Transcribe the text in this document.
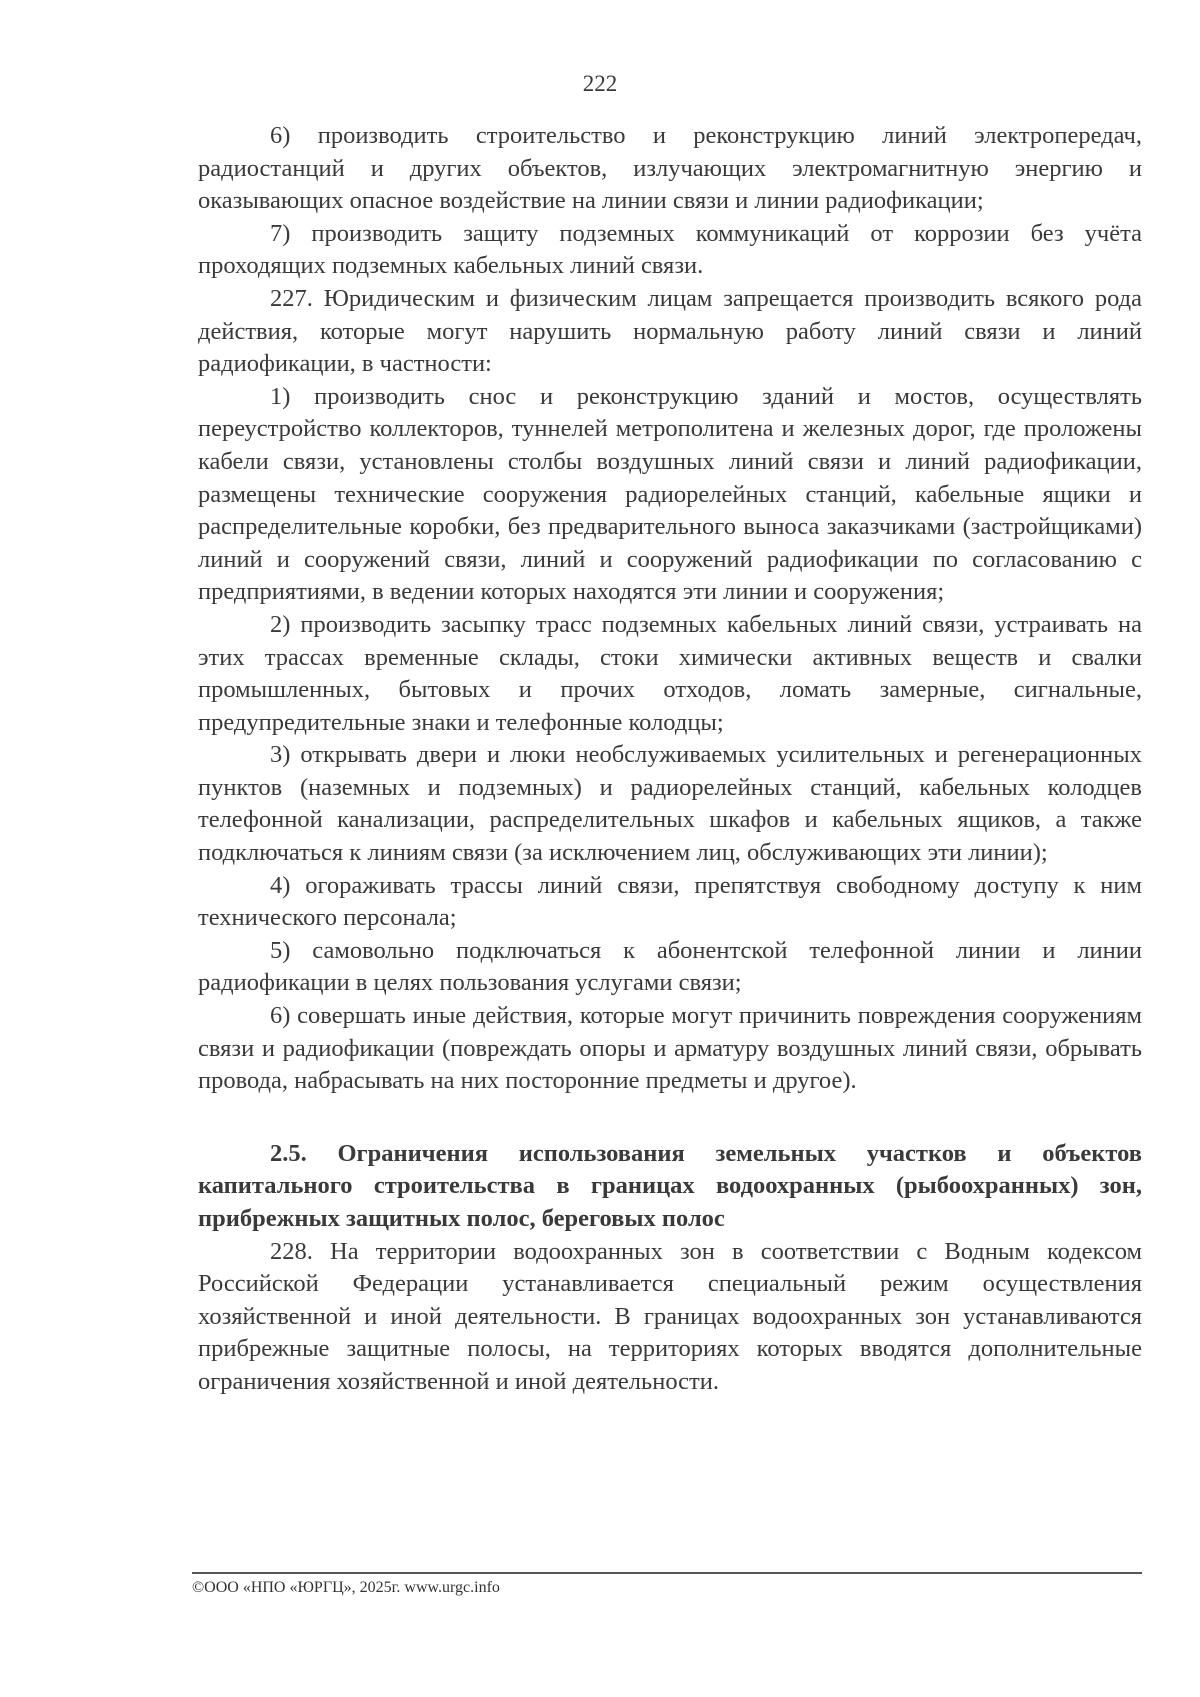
222

6) производить строительство и реконструкцию линий электропередач, радиостанций и других объектов, излучающих электромагнитную энергию и оказывающих опасное воздействие на линии связи и линии радиофикации;

7) производить защиту подземных коммуникаций от коррозии без учёта проходящих подземных кабельных линий связи.

227. Юридическим и физическим лицам запрещается производить всякого рода действия, которые могут нарушить нормальную работу линий связи и линий радиофикации, в частности:

1) производить снос и реконструкцию зданий и мостов, осуществлять переустройство коллекторов, туннелей метрополитена и железных дорог, где проложены кабели связи, установлены столбы воздушных линий связи и линий радиофикации, размещены технические сооружения радиорелейных станций, кабельные ящики и распределительные коробки, без предварительного выноса заказчиками (застройщиками) линий и сооружений связи, линий и сооружений радиофикации по согласованию с предприятиями, в ведении которых находятся эти линии и сооружения;

2) производить засыпку трасс подземных кабельных линий связи, устраивать на этих трассах временные склады, стоки химически активных веществ и свалки промышленных, бытовых и прочих отходов, ломать замерные, сигнальные, предупредительные знаки и телефонные колодцы;

3) открывать двери и люки необслуживаемых усилительных и регенерационных пунктов (наземных и подземных) и радиорелейных станций, кабельных колодцев телефонной канализации, распределительных шкафов и кабельных ящиков, а также подключаться к линиям связи (за исключением лиц, обслуживающих эти линии);

4) огораживать трассы линий связи, препятствуя свободному доступу к ним технического персонала;

5) самовольно подключаться к абонентской телефонной линии и линии радиофикации в целях пользования услугами связи;

6) совершать иные действия, которые могут причинить повреждения сооружениям связи и радиофикации (повреждать опоры и арматуру воздушных линий связи, обрывать провода, набрасывать на них посторонние предметы и другое).

2.5. Ограничения использования земельных участков и объектов капитального строительства в границах водоохранных (рыбоохранных) зон, прибрежных защитных полос, береговых полос

228. На территории водоохранных зон в соответствии с Водным кодексом Российской Федерации устанавливается специальный режим осуществления хозяйственной и иной деятельности. В границах водоохранных зон устанавливаются прибрежные защитные полосы, на территориях которых вводятся дополнительные ограничения хозяйственной и иной деятельности.

©ООО «НПО «ЮРГЦ», 2025г. www.urgc.info
